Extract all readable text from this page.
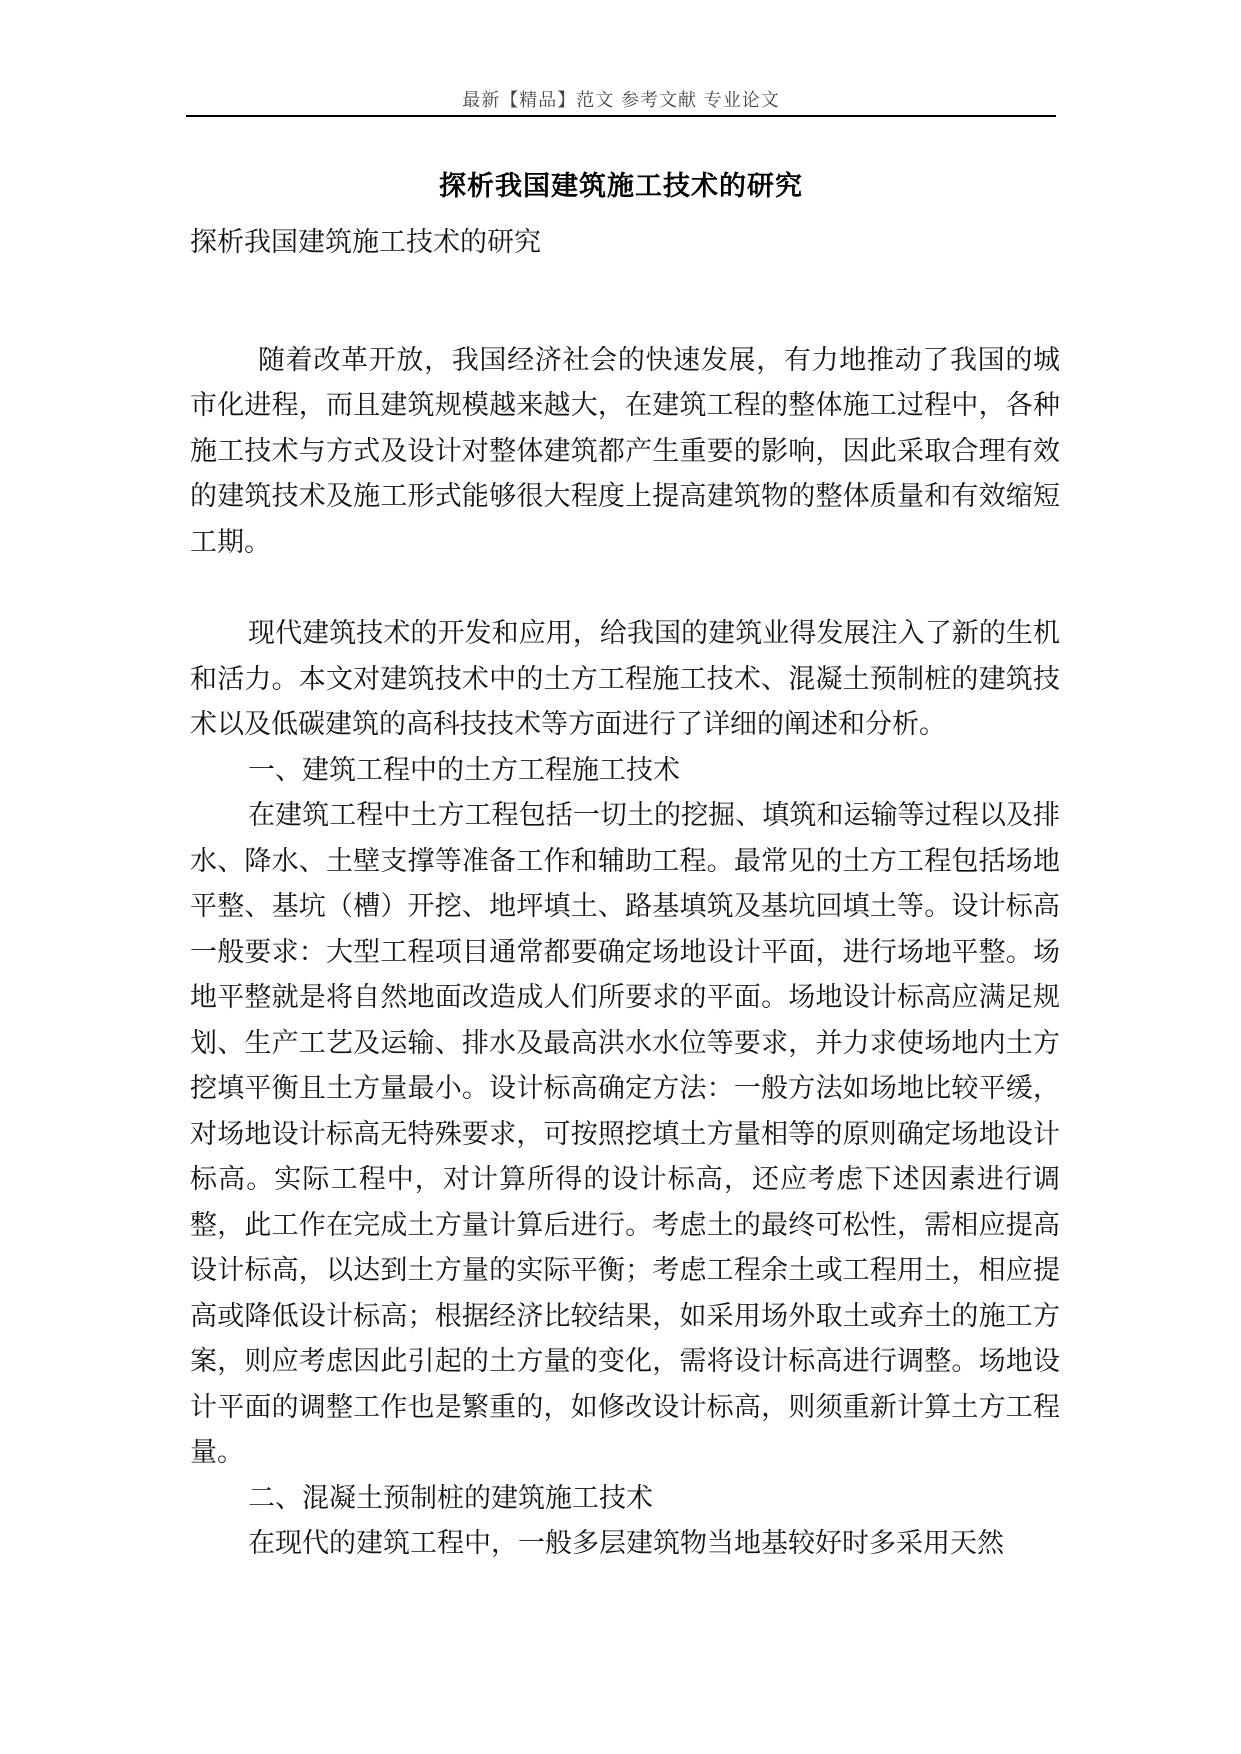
最新【精品】范文 参考文献 专业论文
探析我国建筑施工技术的研究

探析我国建筑施工技术的研究

随着改革开放，我国经济社会的快速发展，有力地推动了我国的城市化进程，而且建筑规模越来越大，在建筑工程的整体施工过程中，各种施工技术与方式及设计对整体建筑都产生重要的影响，因此采取合理有效的建筑技术及施工形式能够很大程度上提高建筑物的整体质量和有效缩短工期。

现代建筑技术的开发和应用，给我国的建筑业得发展注入了新的生机和活力。本文对建筑技术中的土方工程施工技术、混凝土预制桩的建筑技术以及低碳建筑的高科技技术等方面进行了详细的阐述和分析。

一、建筑工程中的土方工程施工技术

在建筑工程中土方工程包括一切土的挖掘、填筑和运输等过程以及排水、降水、土壁支撑等准备工作和辅助工程。最常见的土方工程包括场地平整、基坑（槽）开挖、地坪填土、路基填筑及基坑回填土等。设计标高一般要求：大型工程项目通常都要确定场地设计平面，进行场地平整。场地平整就是将自然地面改造成人们所要求的平面。场地设计标高应满足规划、生产工艺及运输、排水及最高洪水水位等要求，并力求使场地内土方挖填平衡且土方量最小。设计标高确定方法：一般方法如场地比较平缓，对场地设计标高无特殊要求，可按照挖填土方量相等的原则确定场地设计标高。实际工程中，对计算所得的设计标高，还应考虑下述因素进行调整，此工作在完成土方量计算后进行。考虑土的最终可松性，需相应提高设计标高，以达到土方量的实际平衡；考虑工程余土或工程用土，相应提高或降低设计标高；根据经济比较结果，如采用场外取土或弃土的施工方案，则应考虑因此引起的土方量的变化，需将设计标高进行调整。场地设计平面的调整工作也是繁重的，如修改设计标高，则须重新计算土方工程量。

二、混凝土预制桩的建筑施工技术

在现代的建筑工程中，一般多层建筑物当地基较好时多采用天然
